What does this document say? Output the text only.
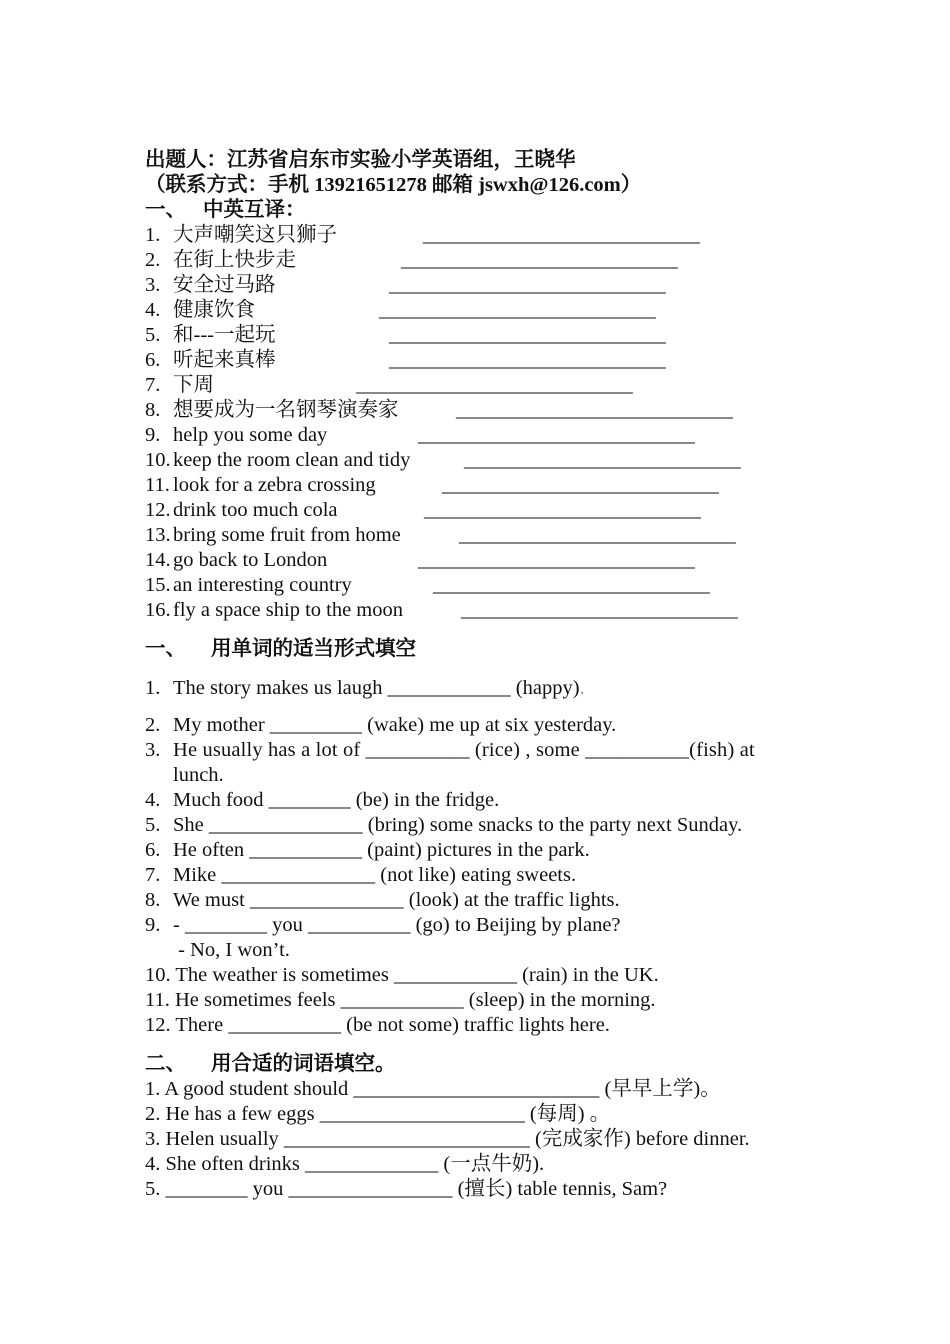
出题人：江苏省启东市实验小学英语组，王晓华
（联系方式：手机 13921651278 邮箱 jswxh@126.com）
一、 中英互译：
1. 大声嘲笑这只狮子	___________________________
2. 在街上快步走	___________________________
3. 安全过马路	___________________________
4. 健康饮食	___________________________
5. 和---一起玩	___________________________
6. 听起来真棒	___________________________
7. 下周	___________________________
8. 想要成为一名钢琴演奏家	___________________________
9. help you some day	___________________________
10. keep the room clean and tidy	___________________________
11. look for a zebra crossing	___________________________
12. drink too much cola	___________________________
13. bring some fruit from home	___________________________
14. go back to London	___________________________
15. an interesting country	___________________________
16. fly a space ship to the moon	___________________________
一、 用单词的适当形式填空
1. The story makes us laugh ____________ (happy).
2. My mother _________ (wake) me up at six yesterday.
3. He usually has a lot of __________ (rice) , some __________(fish) at
lunch.
4. Much food ________ (be) in the fridge.
5. She _______________ (bring) some snacks to the party next Sunday.
6. He often ___________ (paint) pictures in the park.
7. Mike _______________ (not like) eating sweets.
8. We must _______________ (look) at the traffic lights.
9. - ________ you __________ (go) to Beijing by plane?
- No, I won’t.
10. The weather is sometimes ____________ (rain) in the UK.
11. He sometimes feels ____________ (sleep) in the morning.
12. There ___________ (be not some) traffic lights here.
二、 用合适的词语填空。
1. A good student should ________________________ (早早上学)。
2. He has a few eggs ____________________ (每周) 。
3. Helen usually ________________________ (完成家作) before dinner.
4. She often drinks _____________ (一点牛奶).
5. ________ you ________________ (擅长) table tennis, Sam?
